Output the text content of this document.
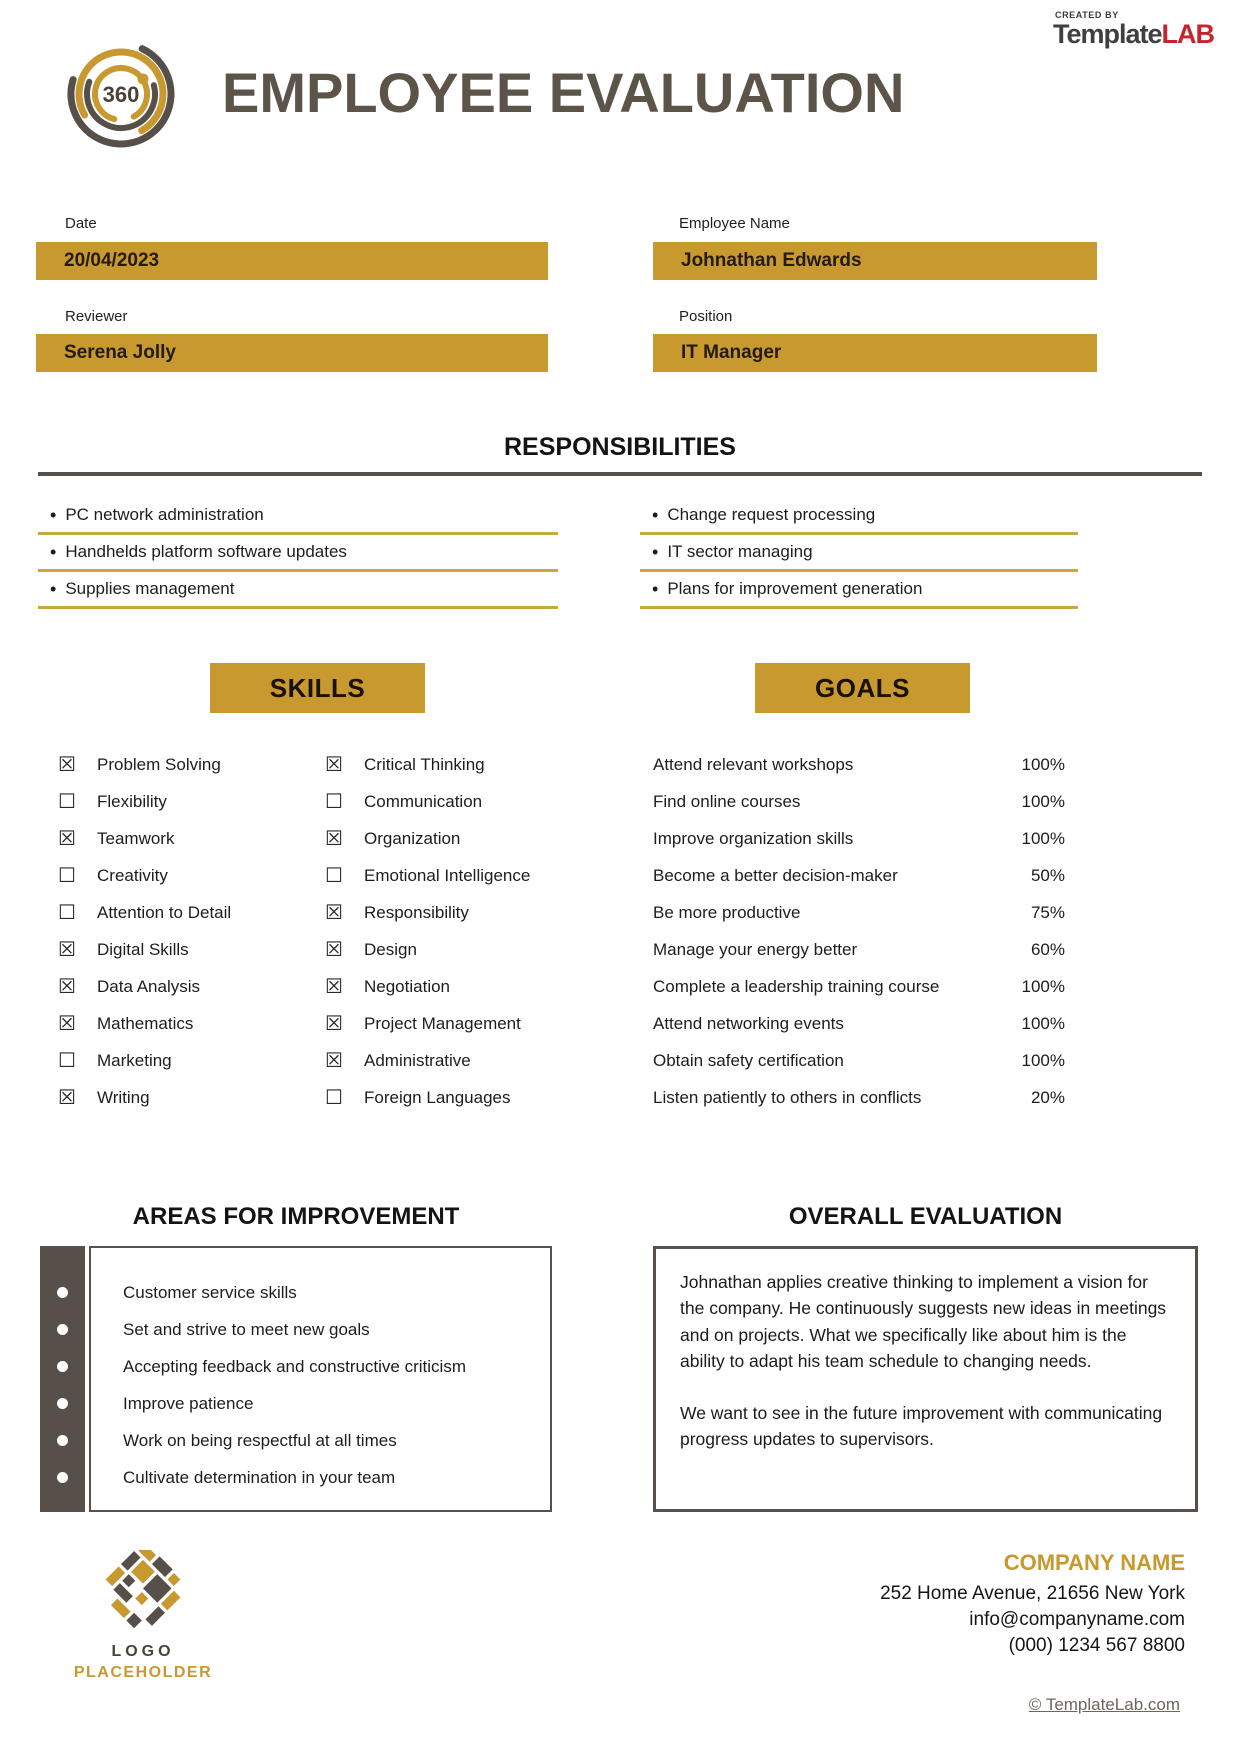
CREATED BY
TemplateLAB
360 EMPLOYEE EVALUATION
Date	Employee Name
20/04/2023	Johnathan Edwards
Reviewer	Position
Serena Jolly	IT Manager
RESPONSIBILITIES
• PC network administration
• Handhelds platform software updates
• Supplies management
• Change request processing
• IT sector managing
• Plans for improvement generation
SKILLS	GOALS
☒ Problem Solving
☐ Flexibility
☒ Teamwork
☐ Creativity
☐ Attention to Detail
☒ Digital Skills
☒ Data Analysis
☒ Mathematics
☐ Marketing
☒ Writing
☒ Critical Thinking
☐ Communication
☒ Organization
☐ Emotional Intelligence
☒ Responsibility
☒ Design
☒ Negotiation
☒ Project Management
☒ Administrative
☐ Foreign Languages
Attend relevant workshops	100%
Find online courses	100%
Improve organization skills	100%
Become a better decision-maker	50%
Be more productive	75%
Manage your energy better	60%
Complete a leadership training course	100%
Attend networking events	100%
Obtain safety certification	100%
Listen patiently to others in conflicts	20%
AREAS FOR IMPROVEMENT
Customer service skills
Set and strive to meet new goals
Accepting feedback and constructive criticism
Improve patience
Work on being respectful at all times
Cultivate determination in your team
OVERALL EVALUATION

Johnathan applies creative thinking to implement a vision for the company. He continuously suggests new ideas in meetings and on projects. What we specifically like about him is the ability to adapt his team schedule to changing needs.

We want to see in the future improvement with communicating progress updates to supervisors.

LOGO
PLACEHOLDER
COMPANY NAME
252 Home Avenue, 21656 New York
info@companyname.com
(000) 1234 567 8800
© TemplateLab.com
